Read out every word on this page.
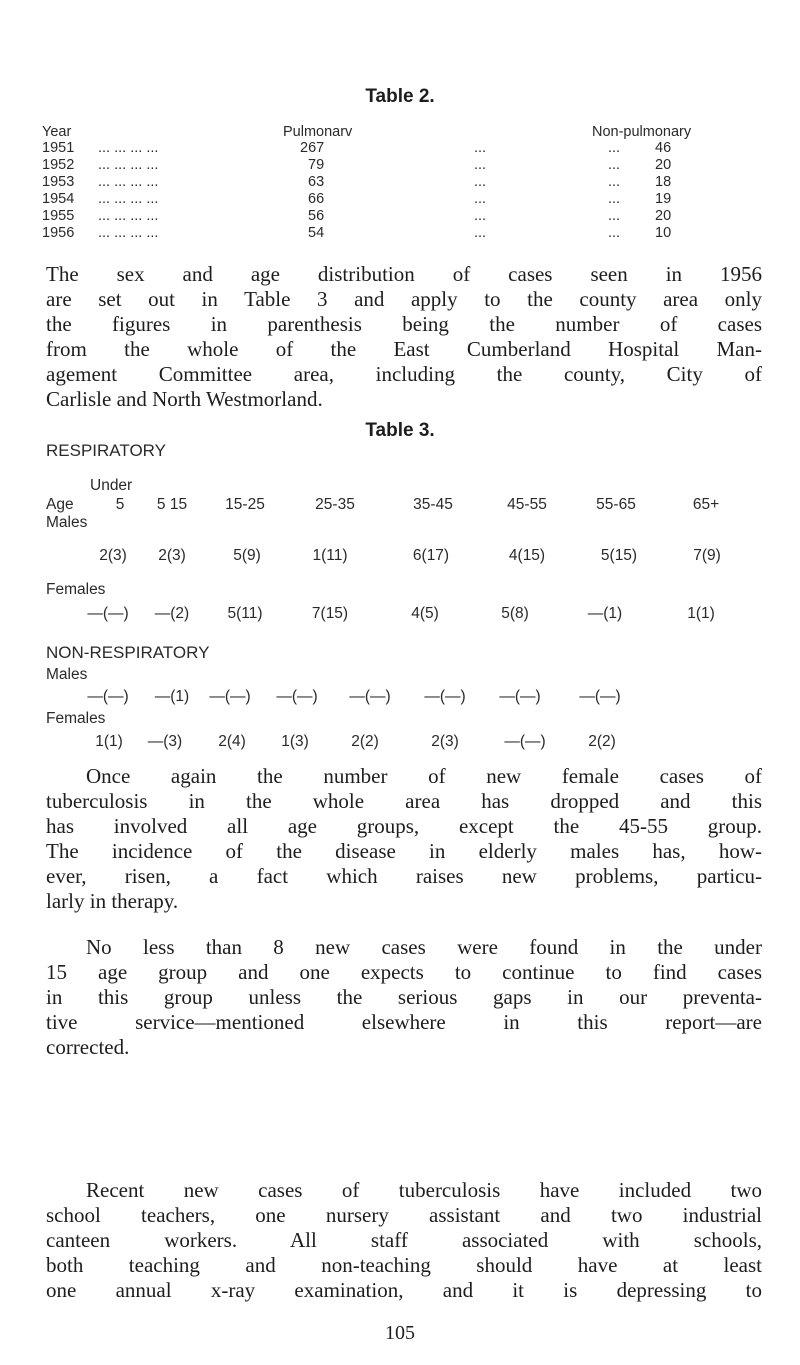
Table 2.
Year	Pulmonarv	Non-pulmonary
1951 ... ... ... ...	267	...	... 46
1952 ... ... ... ...	79	...	... 20
1953 ... ... ... ...	63	...	... 18
1954 ... ... ... ...	66	...	... 19
1955 ... ... ... ...	56	...	... 20
1956 ... ... ... ...	54	...	... 10
The sex and age distribution of cases seen in 1956
are set out in Table 3 and apply to the county area only
the figures in parenthesis being the number of cases
from the whole of the East Cumberland Hospital Man-
agement Committee area, including the county, City of
Carlisle and North Westmorland.
Table 3.
RESPIRATORY
Under
Age	5 5 15 15-25	25-35	35-45	45-55	55-65	65+
Males
2(3) 2(3)	5(9)	1(11)	6(17)	4(15)	5(15)	7(9)
Females
—(—) —(2) 5(11)	7(15)	4(5)	5(8)	—(1)	1(1)
NON-RESPIRATORY
Males
—(—) —(1) —(—) —(—) —(—) —(—) —(—) —(—)
Females
1(1) —(3) 2(4) 1(3)	2(2)	2(3)	—(—)	2(2)
Once again the number of new female cases of
tuberculosis in the whole area has dropped and this
has involved all age groups, except the 45-55 group.
The incidence of the disease in elderly males has, how-
ever, risen, a fact which raises new problems, particu-
larly in therapy.
No less than 8 new cases were found in the under
15 age group and one expects to continue to find cases
in this group unless the serious gaps in our preventa-
tive service—mentioned elsewhere in this report—are
corrected.
Recent new cases of tuberculosis have included two
school teachers, one nursery assistant and two industrial
canteen workers. All staff associated with schools,
both teaching and non-teaching should have at least
one annual x-ray examination, and it is depressing to
105
